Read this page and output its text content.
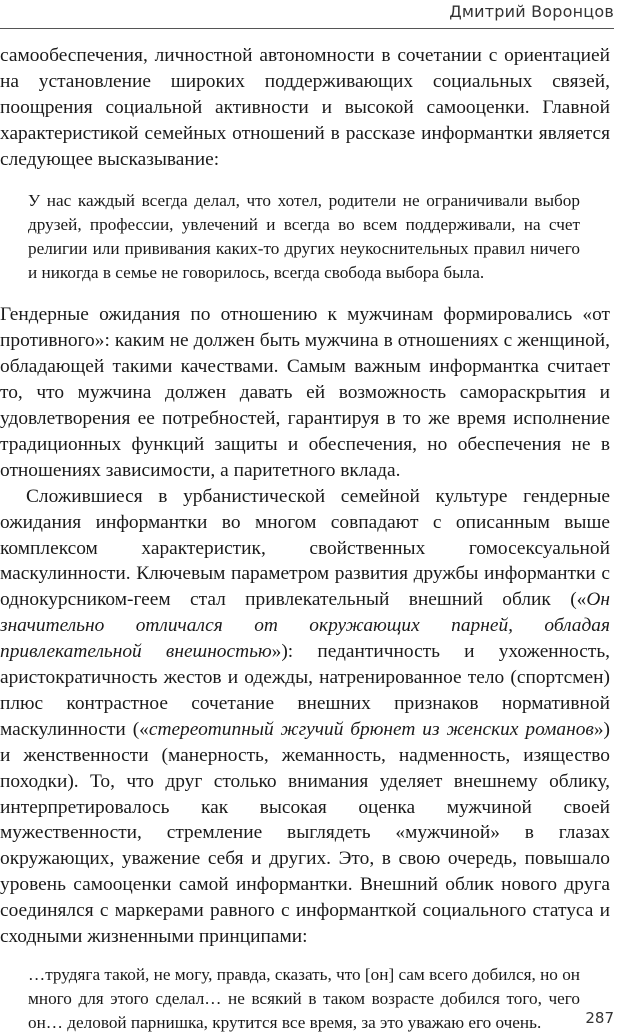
Дмитрий Воронцов

самообеспечения, личностной автономности в сочетании с ориентацией на установление широких поддерживающих социальных связей, поощрения социальной активности и высокой самооценки. Главной характеристикой семейных отношений в рассказе информантки является следующее высказывание:

У нас каждый всегда делал, что хотел, родители не ограничивали выбор друзей, профессии, увлечений и всегда во всем поддерживали, на счет религии или прививания каких-то других неукоснительных правил ничего и никогда в семье не говорилось, всегда свобода выбора была.

Гендерные ожидания по отношению к мужчинам формировались «от противного»: каким не должен быть мужчина в отношениях с женщиной, обладающей такими качествами. Самым важным информантка считает то, что мужчина должен давать ей возможность самораскрытия и удовлетворения ее потребностей, гарантируя в то же время исполнение традиционных функций защиты и обеспечения, но обеспечения не в отношениях зависимости, а паритетного вклада.

Сложившиеся в урбанистической семейной культуре гендерные ожидания информантки во многом совпадают с описанным выше комплексом характеристик, свойственных гомосексуальной маскулинности. Ключевым параметром развития дружбы информантки с однокурсником-геем стал привлекательный внешний облик («Он значительно отличался от окружающих парней, обладая привлекательной внешностью»): педантичность и ухоженность, аристократичность жестов и одежды, натренированное тело (спортсмен) плюс контрастное сочетание внешних признаков нормативной маскулинности («стереотипный жгучий брюнет из женских романов») и женственности (манерность, жеманность, надменность, изящество походки). То, что друг столько внимания уделяет внешнему облику, интерпретировалось как высокая оценка мужчиной своей мужественности, стремление выглядеть «мужчиной» в глазах окружающих, уважение себя и других. Это, в свою очередь, повышало уровень самооценки самой информантки. Внешний облик нового друга соединялся с маркерами равного с информанткой социального статуса и сходными жизненными принципами:

…трудяга такой, не могу, правда, сказать, что [он] сам всего добился, но он много для этого сделал… не всякий в таком возрасте добился того, чего он… деловой парнишка, крутится все время, за это уважаю его очень.	287
